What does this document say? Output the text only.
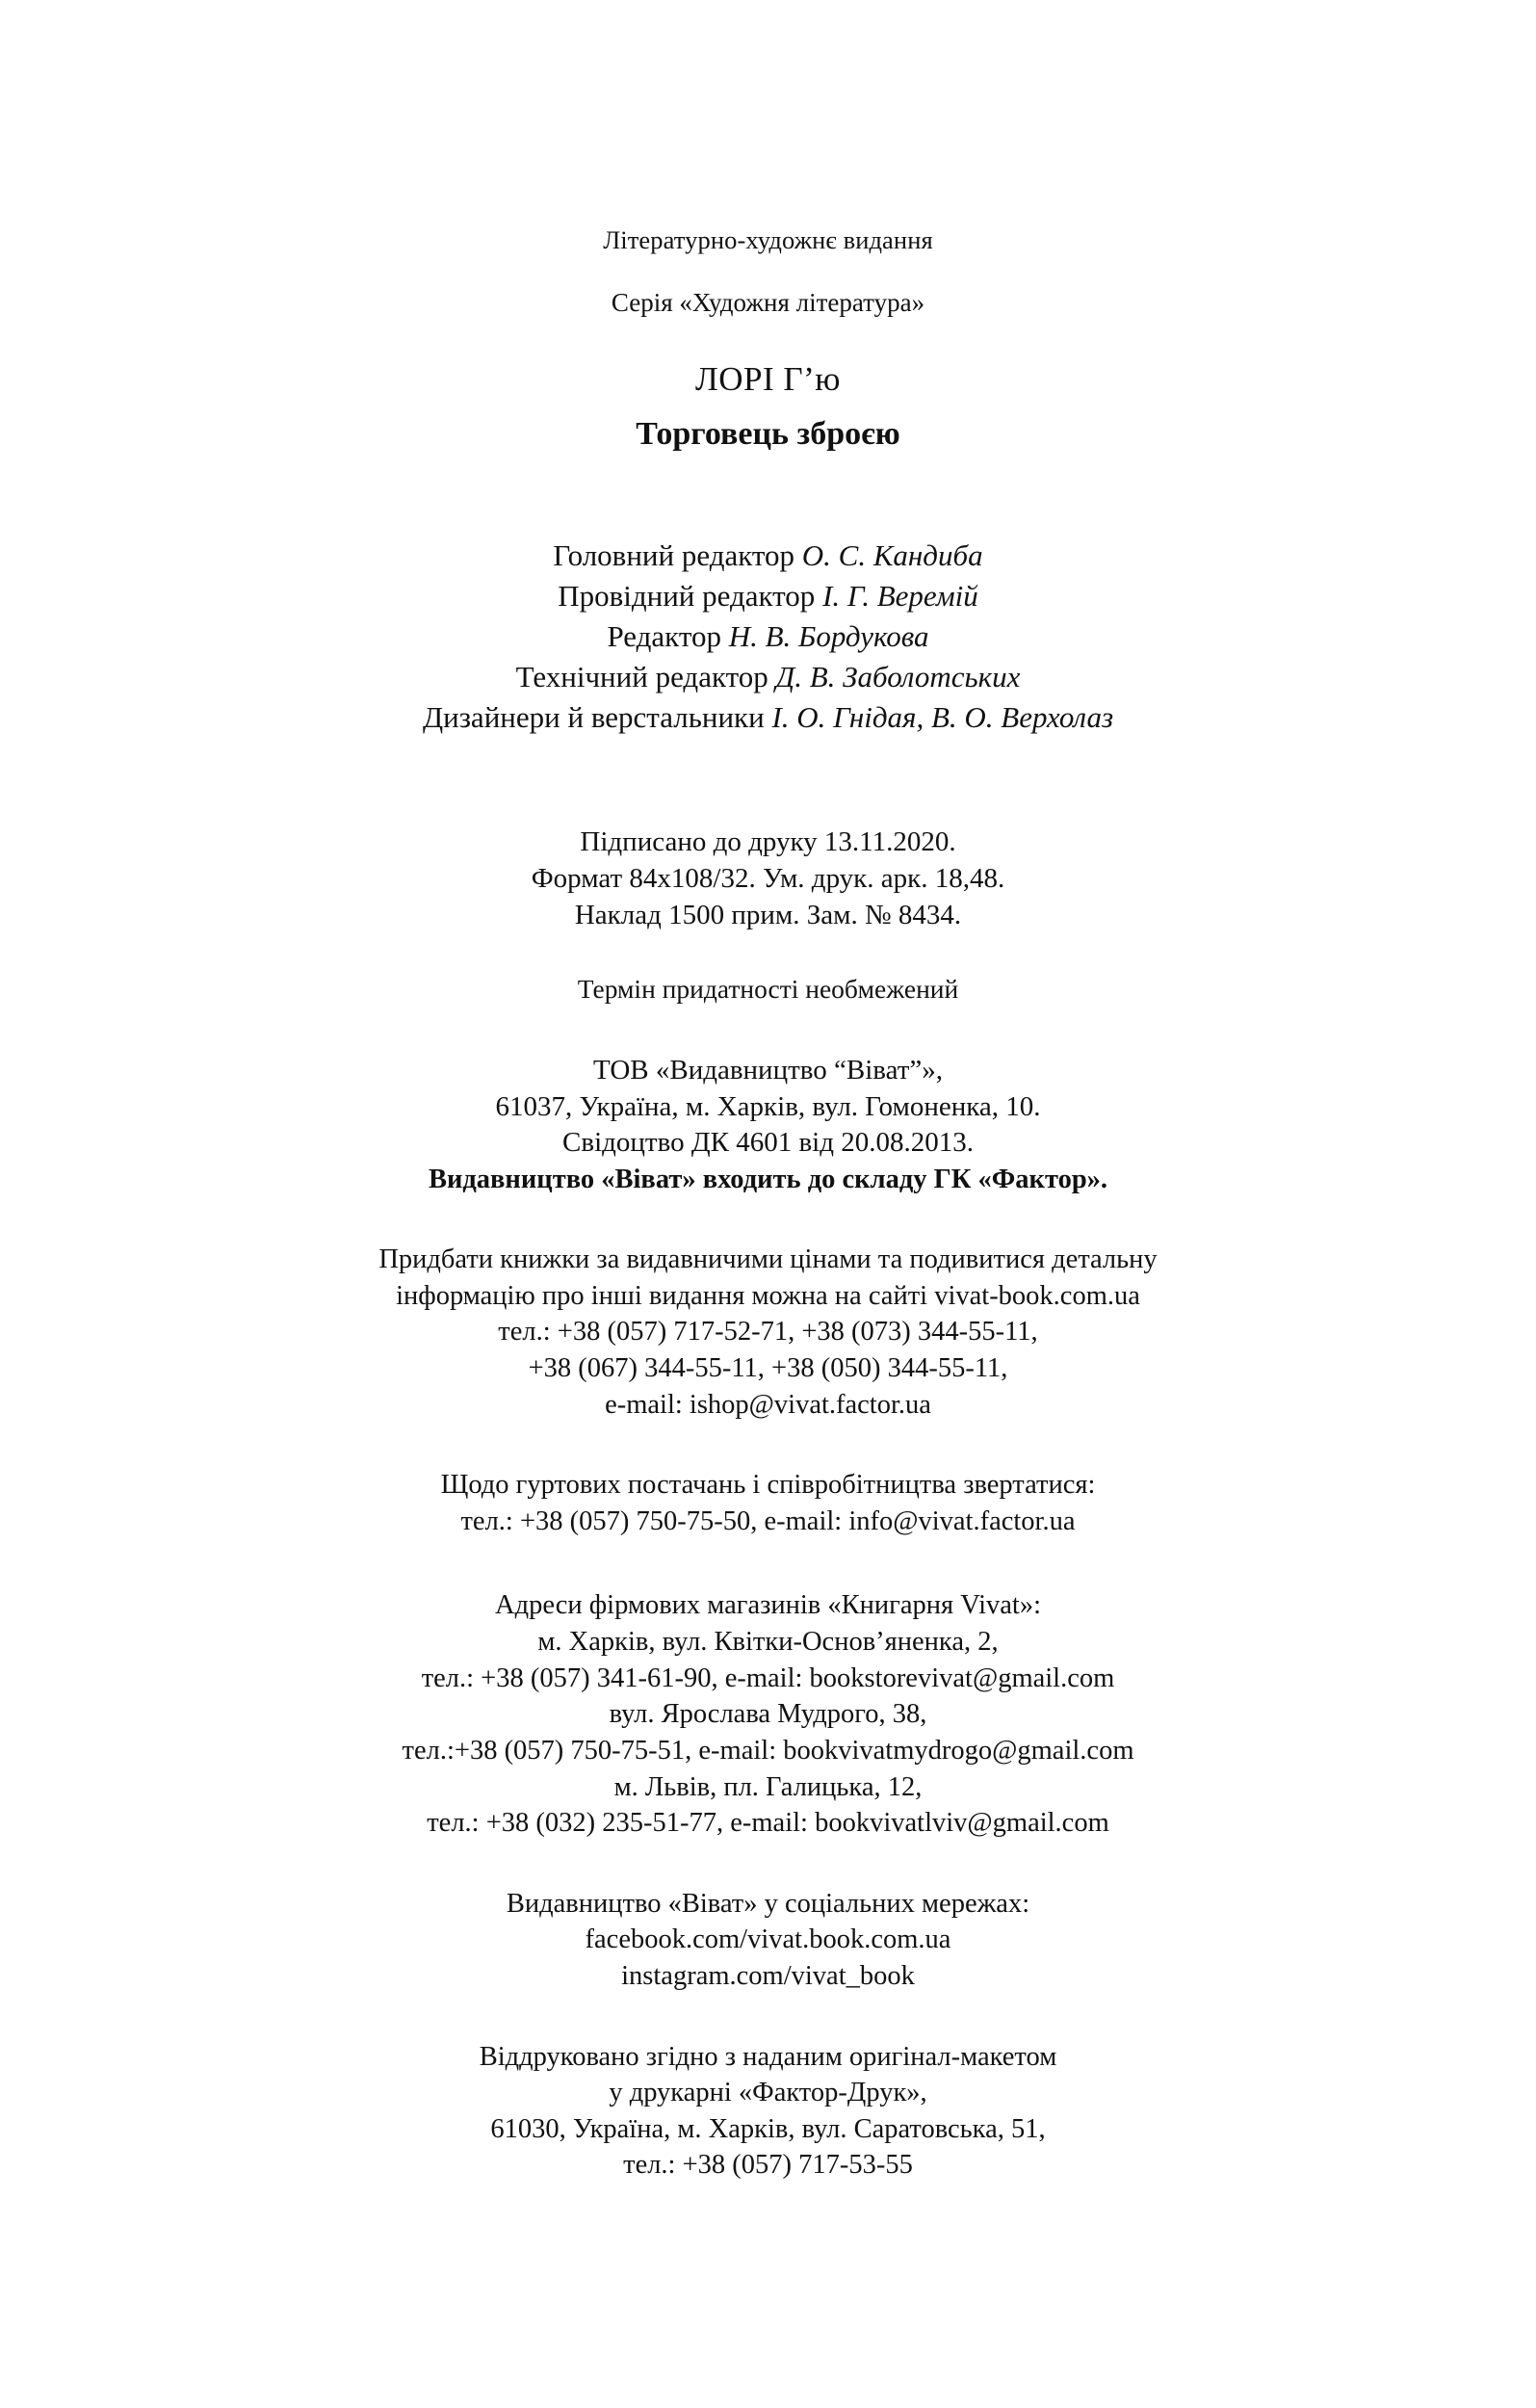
Літературно-художнє видання
Серія «Художня література»
ЛОРІ Г’ю
Торговець зброєю
Головний редактор О. С. Кандиба
Провідний редактор І. Г. Веремій
Редактор Н. В. Бордукова
Технічний редактор Д. В. Заболотських
Дизайнери й верстальники І. О. Гнідая, В. О. Верхолаз
Підписано до друку 13.11.2020.
Формат 84х108/32. Ум. друк. арк. 18,48.
Наклад 1500 прим. Зам. № 8434.
Термін придатності необмежений
ТОВ «Видавництво “Віват”»,
61037, Україна, м. Харків, вул. Гомоненка, 10.
Свідоцтво ДК 4601 від 20.08.2013.
Видавництво «Віват» входить до складу ГК «Фактор».
Придбати книжки за видавничими цінами та подивитися детальну
інформацію про інші видання можна на сайті vivat-book.com.ua
тел.: +38 (057) 717-52-71, +38 (073) 344-55-11,
+38 (067) 344-55-11, +38 (050) 344-55-11,
e-mail: ishop@vivat.factor.ua
Щодо гуртових постачань і співробітництва звертатися:
тел.: +38 (057) 750-75-50, e-mail: info@vivat.factor.ua
Адреси фірмових магазинів «Книгарня Vivat»:
м. Харків, вул. Квітки-Основ’яненка, 2,
тел.: +38 (057) 341-61-90, e-mail: bookstorevivat@gmail.com
вул. Ярослава Мудрого, 38,
тел.:+38 (057) 750-75-51, e-mail: bookvivatmydrogo@gmail.com
м. Львів, пл. Галицька, 12,
тел.: +38 (032) 235-51-77, e-mail: bookvivatlviv@gmail.com
Видавництво «Віват» у соціальних мережах:
facebook.com/vivat.book.com.ua
instagram.com/vivat_book
Віддруковано згідно з наданим оригінал-макетом
у друкарні «Фактор-Друк»,
61030, Україна, м. Харків, вул. Саратовська, 51,
тел.: +38 (057) 717-53-55
